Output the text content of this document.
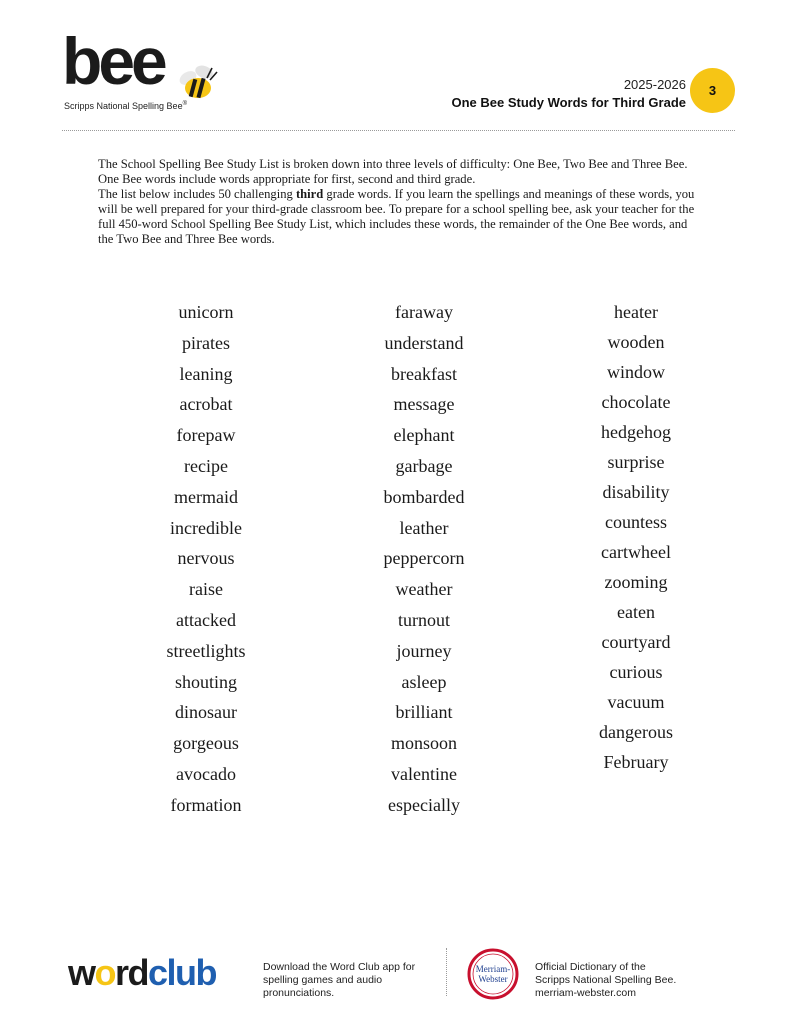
bee
Scripps National Spelling Bee®
2025-2026
One Bee Study Words for Third Grade
3

The School Spelling Bee Study List is broken down into three levels of difficulty: One Bee, Two Bee and Three Bee. One Bee words include words appropriate for first, second and third grade.

The list below includes 50 challenging third grade words. If you learn the spellings and meanings of these words, you will be well prepared for your third-grade classroom bee. To prepare for a school spelling bee, ask your teacher for the full 450-word School Spelling Bee Study List, which includes these words, the remainder of the One Bee words, and the Two Bee and Three Bee words.

unicorn
pirates
leaning
acrobat
forepaw
recipe
mermaid
incredible
nervous
raise
attacked
streetlights
shouting
dinosaur
gorgeous
avocado
formation
faraway
understand
breakfast
message
elephant
garbage
bombarded
leather
peppercorn
weather
turnout
journey
asleep
brilliant
monsoon
valentine
especially
heater
wooden
window
chocolate
hedgehog
surprise
disability
countess
cartwheel
zooming
eaten
courtyard
curious
vacuum
dangerous
February
wordclub	Download the Word Club app for spelling games and audio pronunciations.
Merriam-
Webster
Official Dictionary of the
Scripps National Spelling Bee.
merriam-webster.com
